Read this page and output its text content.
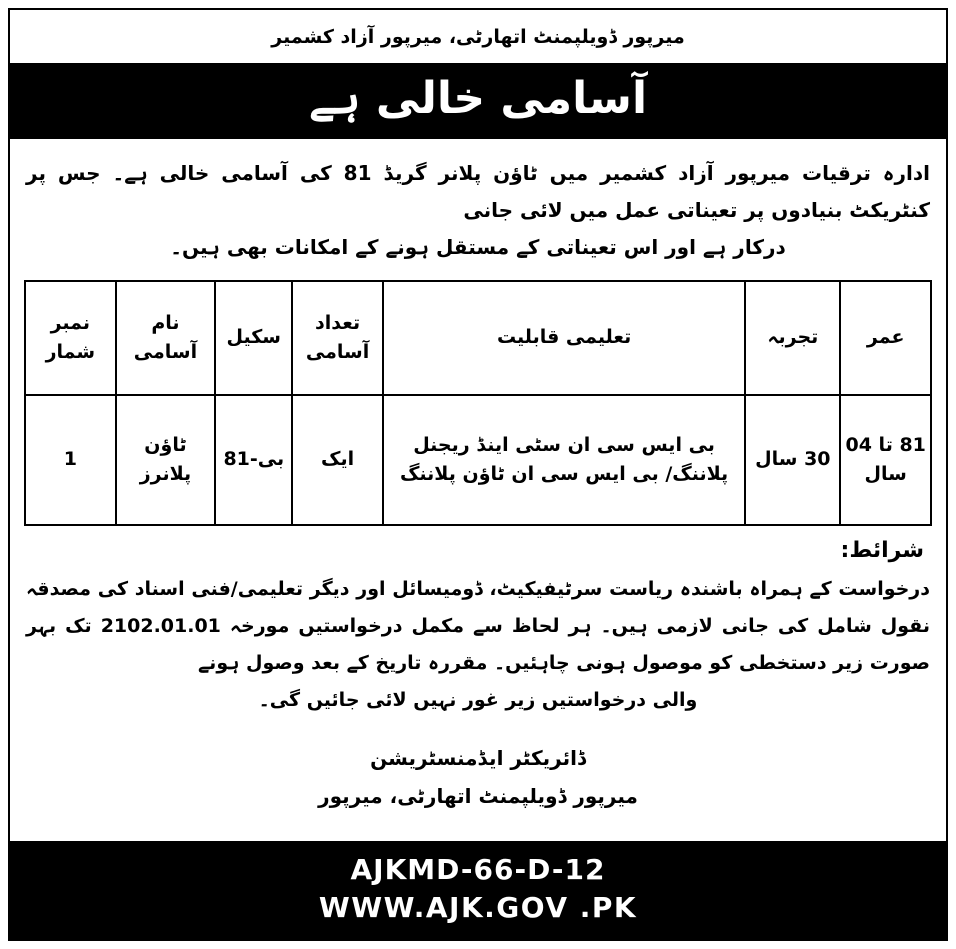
میرپور ڈویلپمنٹ اتھارٹی، میرپور آزاد کشمیر
آسامی خالی ہے
ادارہ ترقیات میرپور آزاد کشمیر میں ٹاؤن پلانر گریڈ 18 کی آسامی خالی ہے۔ جس پر کنٹریکٹ بنیادوں پر تعیناتی عمل میں لائی جانی
درکار ہے اور اس تعیناتی کے مستقل ہونے کے امکانات بھی ہیں۔
عمر	تجربہ	تعلیمی قابلیت	تعداد آسامی	سکیل	نام آسامی	نمبر شمار
18 تا 40 سال	03 سال	بی ایس سی ان سٹی اینڈ ریجنل پلاننگ/ بی ایس سی ان ٹاؤن پلاننگ	ایک	بی-18	ٹاؤن پلانرز	1
شرائط:
درخواست کے ہمراہ باشندہ ریاست سرٹیفیکیٹ، ڈومیسائل اور دیگر تعلیمی/فنی اسناد کی مصدقہ نقول شامل کی جانی لازمی ہیں۔ ہر لحاظ سے مکمل درخواستیں مورخہ 10.10.2012 تک بہر صورت زیر دستخطی کو موصول ہونی چاہئیں۔ مقررہ تاریخ کے بعد وصول ہونے
والی درخواستیں زیر غور نہیں لائی جائیں گی۔
ڈائریکٹر ایڈمنسٹریشن
میرپور ڈویلپمنٹ اتھارٹی، میرپور
AJKMD-66-D-12
WWW.AJK.GOV .PK
